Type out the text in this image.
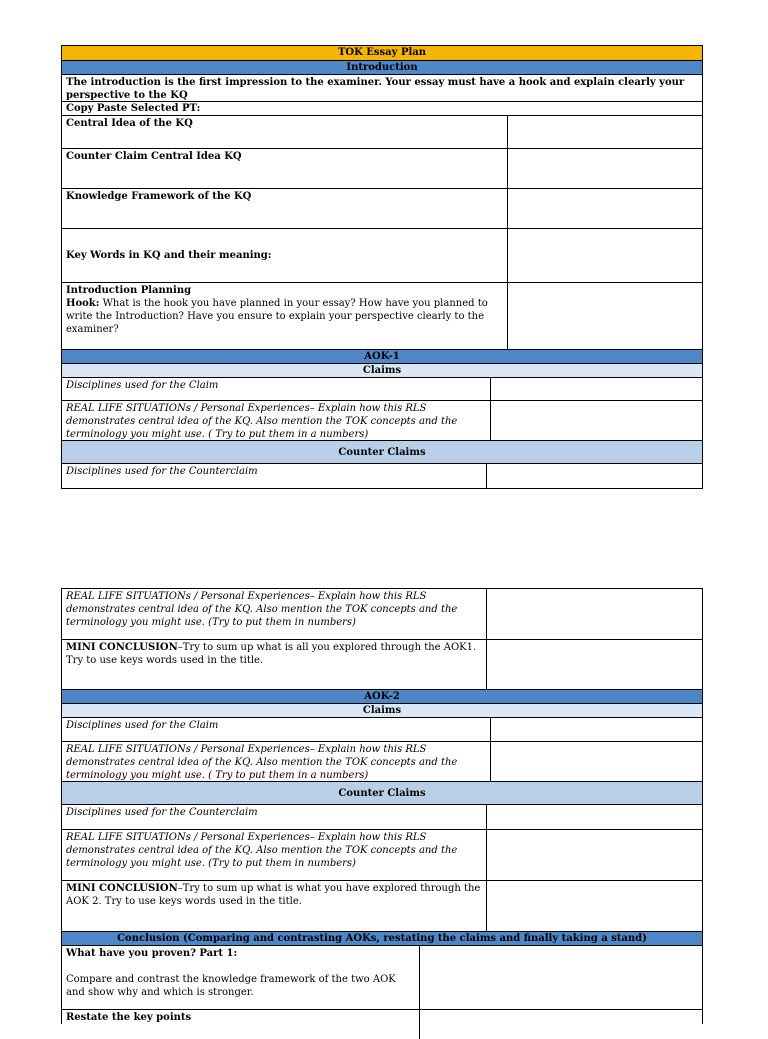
TOK Essay Plan
Introduction
The introduction is the first impression to the examiner. Your essay must have a hook and explain clearly your perspective to the KQ
Copy Paste Selected PT:
Central Idea of the KQ
Counter Claim Central Idea KQ
Knowledge Framework of the KQ
Key Words in KQ and their meaning:
Introduction Planning
Hook: What is the hook you have planned in your essay? How have you planned to write the Introduction? Have you ensure to explain your perspective clearly to the examiner?
AOK-1
Claims
Disciplines used for the Claim
REAL LIFE SITUATIONs / Personal Experiences– Explain how this RLS demonstrates central idea of the KQ. Also mention the TOK concepts and the terminology you might use. ( Try to put them in a numbers)
Counter Claims
Disciplines used for the Counterclaim
REAL LIFE SITUATIONs / Personal Experiences– Explain how this RLS demonstrates central idea of the KQ. Also mention the TOK concepts and the terminology you might use. (Try to put them in numbers)
MINI CONCLUSION–Try to sum up what is all you explored through the AOK1. Try to use keys words used in the title.
AOK-2
Claims
Disciplines used for the Claim
REAL LIFE SITUATIONs / Personal Experiences– Explain how this RLS demonstrates central idea of the KQ. Also mention the TOK concepts and the terminology you might use. ( Try to put them in a numbers)
Counter Claims
Disciplines used for the Counterclaim
REAL LIFE SITUATIONs / Personal Experiences– Explain how this RLS demonstrates central idea of the KQ. Also mention the TOK concepts and the terminology you might use. (Try to put them in numbers)
MINI CONCLUSION–Try to sum up what is what you have explored through the AOK 2. Try to use keys words used in the title.
Conclusion (Comparing and contrasting AOKs, restating the claims and finally taking a stand)
What have you proven? Part 1:
Compare and contrast the knowledge framework of the two AOK and show why and which is stronger.
Restate the key points
